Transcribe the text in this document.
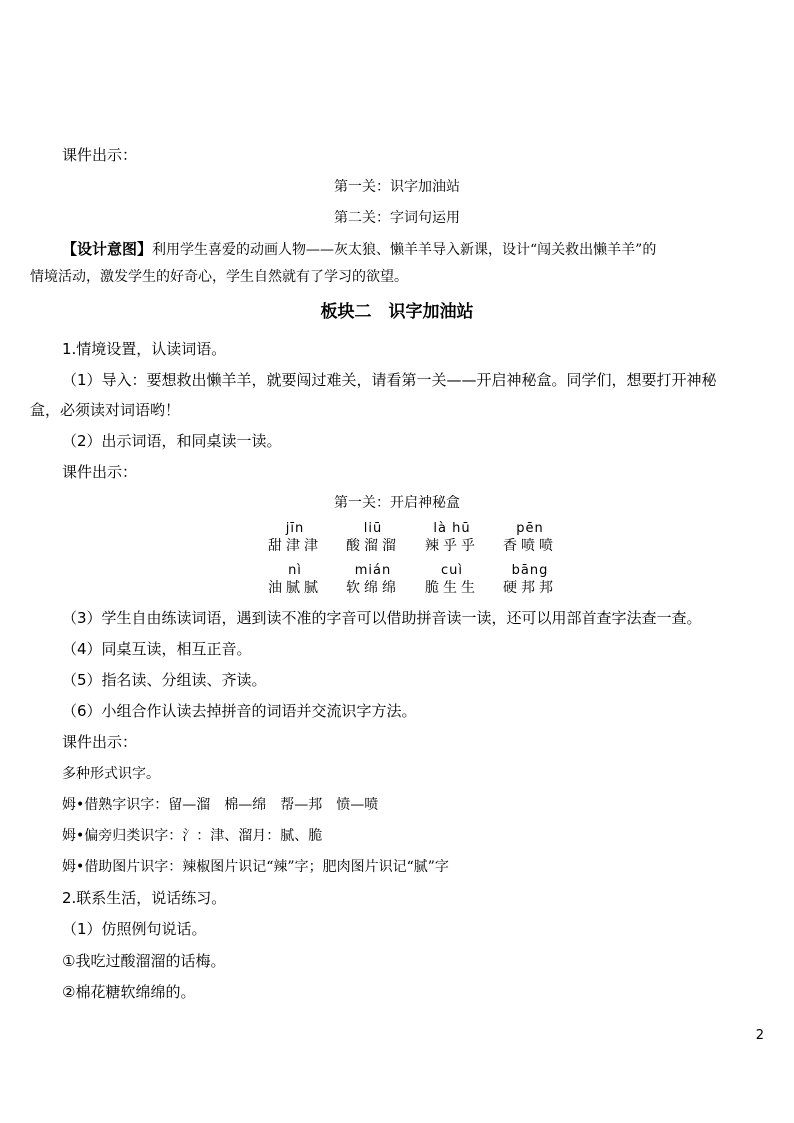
课件出示：
第一关：识字加油站
第二关：字词句运用
【设计意图】利用学生喜爱的动画人物——灰太狼、懒羊羊导入新课，设计“闯关救出懒羊羊”的
情境活动，激发学生的好奇心，学生自然就有了学习的欲望。
板块二　识字加油站
1.情境设置，认读词语。
（1）导入：要想救出懒羊羊，就要闯过难关，请看第一关——开启神秘盒。同学们，想要打开神秘
盒，必须读对词语哟！
（2）出示词语，和同桌读一读。
课件出示：
第一关：开启神秘盒
jīn
甜津津
liū
酸溜溜
là hū
辣乎乎
pēn
香喷喷
nì
油腻腻
mián
软绵绵
cuì
脆生生
bāng
硬邦邦
（3）学生自由练读词语，遇到读不准的字音可以借助拼音读一读，还可以用部首查字法查一查。
（4）同桌互读，相互正音。
（5）指名读、分组读、齐读。
（6）小组合作认读去掉拼音的词语并交流识字方法。
课件出示：
多种形式识字。
姆•借熟字识字：留—溜　棉—绵　帮—邦　愤—喷
姆•偏旁归类识字：氵：津、溜月：腻、脆
姆•借助图片识字：辣椒图片识记“辣”字；肥肉图片识记“腻”字
2.联系生活，说话练习。
（1）仿照例句说话。
①我吃过酸溜溜的话梅。
②棉花糖软绵绵的。
2
